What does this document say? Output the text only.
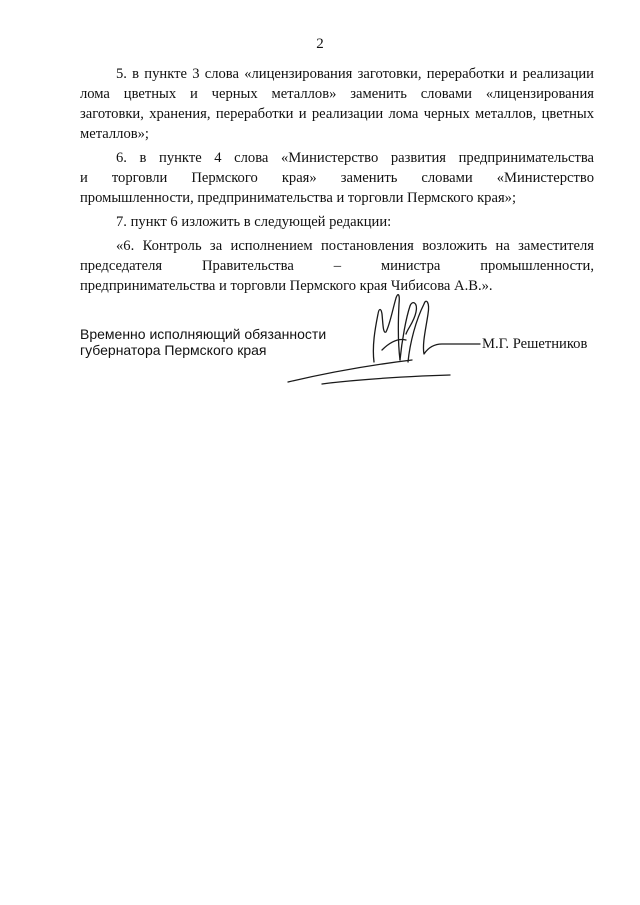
2

5. в пункте 3 слова «лицензирования заготовки, переработки и реализации
лома цветных и черных металлов» заменить словами «лицензирования
заготовки, хранения, переработки и реализации лома черных металлов, цветных
металлов»;

6. в пункте 4 слова «Министерство развития предпринимательства
и торговли Пермского края» заменить словами «Министерство
промышленности, предпринимательства и торговли Пермского края»;

7. пункт 6 изложить в следующей редакции:

«6. Контроль за исполнением постановления возложить на заместителя
председателя Правительства – министра промышленности,
предпринимательства и торговли Пермского края Чибисова А.В.».

Временно исполняющий обязанности
губернатора Пермского края	М.Г. Решетников
